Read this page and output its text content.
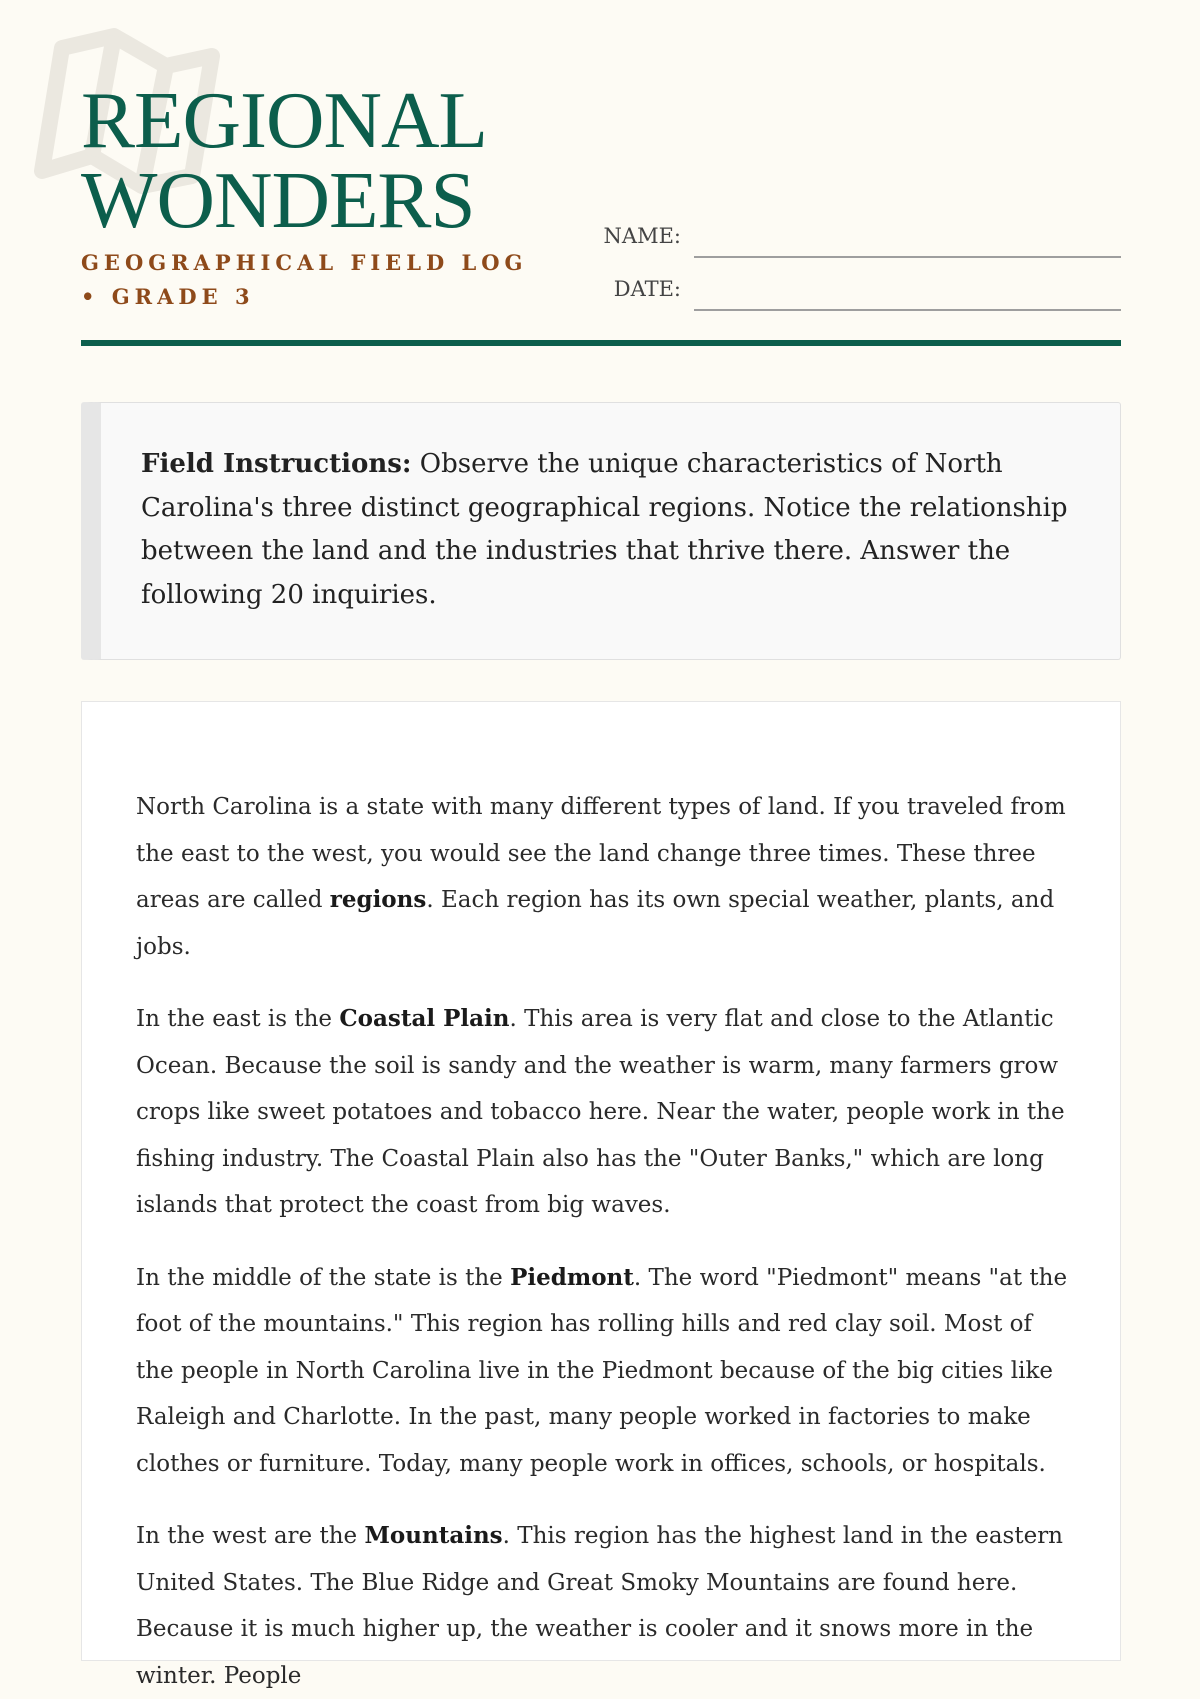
REGIONAL
WONDERS
GEOGRAPHICAL FIELD LOG • GRADE 3
NAME:
DATE:
Field Instructions: Observe the unique characteristics of North Carolina's three distinct geographical regions. Notice the relationship between the land and the industries that thrive there. Answer the following 20 inquiries.

North Carolina is a state with many different types of land. If you traveled from the east to the west, you would see the land change three times. These three areas are called regions. Each region has its own special weather, plants, and jobs.

In the east is the Coastal Plain. This area is very flat and close to the Atlantic Ocean. Because the soil is sandy and the weather is warm, many farmers grow crops like sweet potatoes and tobacco here. Near the water, people work in the fishing industry. The Coastal Plain also has the "Outer Banks," which are long islands that protect the coast from big waves.

In the middle of the state is the Piedmont. The word "Piedmont" means "at the foot of the mountains." This region has rolling hills and red clay soil. Most of the people in North Carolina live in the Piedmont because of the big cities like Raleigh and Charlotte. In the past, many people worked in factories to make clothes or furniture. Today, many people work in offices, schools, or hospitals.

In the west are the Mountains. This region has the highest land in the eastern United States. The Blue Ridge and Great Smoky Mountains are found here. Because it is much higher up, the weather is cooler and it snows more in the winter. People
